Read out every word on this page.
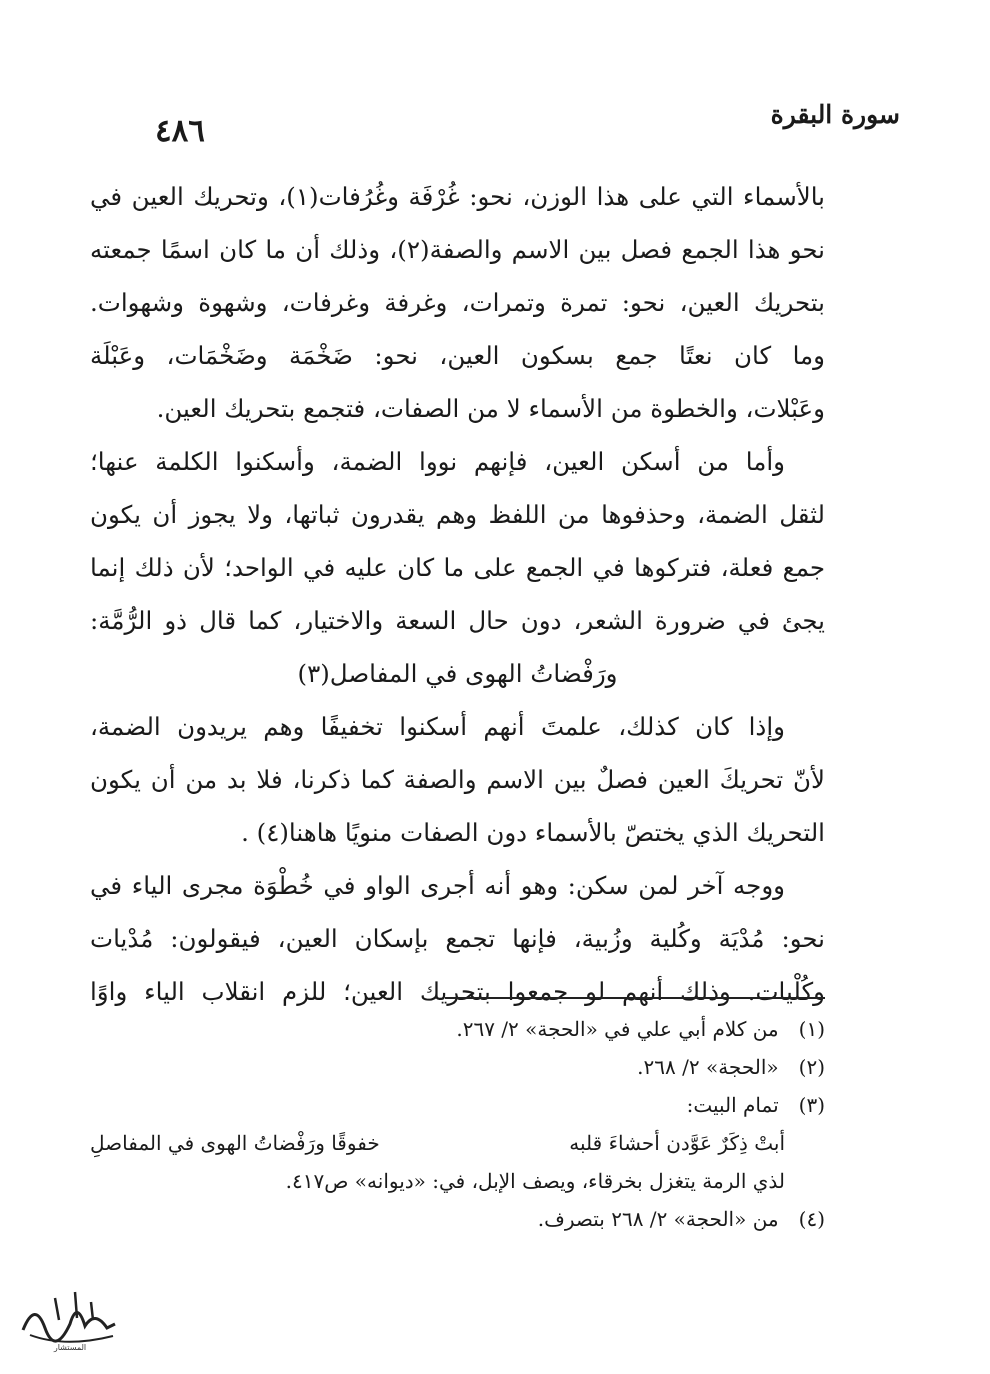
سورة البقرة
٤٨٦
بالأسماء التي على هذا الوزن، نحو: غُرْفَة وغُرُفات(١)، وتحريك العين في
نحو هذا الجمع فصل بين الاسم والصفة(٢)، وذلك أن ما كان اسمًا جمعته
بتحريك العين، نحو: تمرة وتمرات، وغرفة وغرفات، وشهوة وشهوات.
وما كان نعتًا جمع بسكون العين، نحو: ضَخْمَة وضَخْمَات، وعَبْلَة
وعَبْلات، والخطوة من الأسماء لا من الصفات، فتجمع بتحريك العين.
وأما من أسكن العين، فإنهم نووا الضمة، وأسكنوا الكلمة عنها؛
لثقل الضمة، وحذفوها من اللفظ وهم يقدرون ثباتها، ولا يجوز أن يكون
جمع فعلة، فتركوها في الجمع على ما كان عليه في الواحد؛ لأن ذلك إنما
يجئ في ضرورة الشعر، دون حال السعة والاختيار، كما قال ذو الرُّمَّة:
ورَفْضاتُ الهوى في المفاصل(٣)
وإذا كان كذلك، علمتَ أنهم أسكنوا تخفيفًا وهم يريدون الضمة،
لأنّ تحريكَ العين فصلٌ بين الاسم والصفة كما ذكرنا، فلا بد من أن يكون
التحريك الذي يختصّ بالأسماء دون الصفات منويًا هاهنا(٤) .
ووجه آخر لمن سكن: وهو أنه أجرى الواو في خُطْوَة مجرى الياء في
نحو: مُدْيَة وكُلية وزُبية، فإنها تجمع بإسكان العين، فيقولون: مُدْيات
وكُلْيات. وذلك أنهم لو جمعوا بتحريك العين؛ للزم انقلاب الياء واوًا
(١) من كلام أبي علي في «الحجة» ٢/ ٢٦٧.
(٢) «الحجة» ٢/ ٢٦٨.
(٣) تمام البيت:
أبتْ ذِكَرٌ عَوَّدن أحشاءَ قلبه
خفوقًا ورَفْضاتُ الهوى في المفاصلِ
لذي الرمة يتغزل بخرقاء، ويصف الإبل، في: «ديوانه» ص٤١٧.
(٤) من «الحجة» ٢/ ٢٦٨ بتصرف.
المستشار
